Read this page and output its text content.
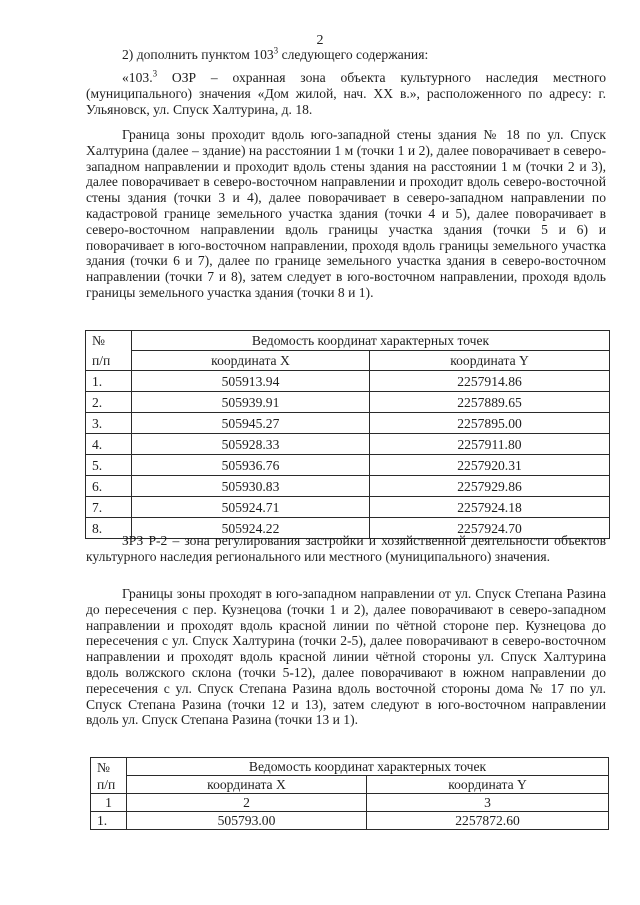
2

2) дополнить пунктом $103^3$ следующего содержания:

«103.$^3$ ОЗР – охранная зона объекта культурного наследия местного (муниципального) значения «Дом жилой, нач. XX в.», расположенного по адресу: г. Ульяновск, ул. Спуск Халтурина, д. 18.

Граница зоны проходит вдоль юго-западной стены здания № 18 по ул. Спуск Халтурина (далее – здание) на расстоянии 1 м (точки 1 и 2), далее поворачивает в северо-западном направлении и проходит вдоль стены здания на расстоянии 1 м (точки 2 и 3), далее поворачивает в северо-восточном направлении и проходит вдоль северо-восточной стены здания (точки 3 и 4), далее поворачивает в северо-западном направлении по кадастровой границе земельного участка здания (точки 4 и 5), далее поворачивает в северо-восточном направлении вдоль границы участка здания (точки 5 и 6) и поворачивает в юго-восточном направлении, проходя вдоль границы земельного участка здания (точки 6 и 7), далее по границе земельного участка здания в северо-восточном направлении (точки 7 и 8), затем следует в юго-восточном направлении, проходя вдоль границы земельного участка здания (точки 8 и 1).

№
п/п	Ведомость координат характерных точек	
	координата X	координата Y
1.	505913.94	2257914.86
2.	505939.91	2257889.65
3.	505945.27	2257895.00
4.	505928.33	2257911.80
5.	505936.76	2257920.31
6.	505930.83	2257929.86
7.	505924.71	2257924.18
8.	505924.22	2257924.70

ЗРЗ Р-2 – зона регулирования застройки и хозяйственной деятельности объектов культурного наследия регионального или местного (муниципального) значения.

Границы зоны проходят в юго-западном направлении от ул. Спуск Степана Разина до пересечения с пер. Кузнецова (точки 1 и 2), далее поворачивают в северо-западном направлении и проходят вдоль красной линии по чётной стороне пер. Кузнецова до пересечения с ул. Спуск Халтурина (точки 2-5), далее поворачивают в северо-восточном направлении и проходят вдоль красной линии чётной стороны ул. Спуск Халтурина вдоль волжского склона (точки 5-12), далее поворачивают в южном направлении до пересечения с ул. Спуск Степана Разина вдоль восточной стороны дома № 17 по ул. Спуск Степана Разина (точки 12 и 13), затем следуют в юго-восточном направлении вдоль ул. Спуск Степана Разина (точки 13 и 1).

№
п/п	Ведомость координат характерных точек	
	координата X	координата Y
1	2	3
1.	505793.00	2257872.60
